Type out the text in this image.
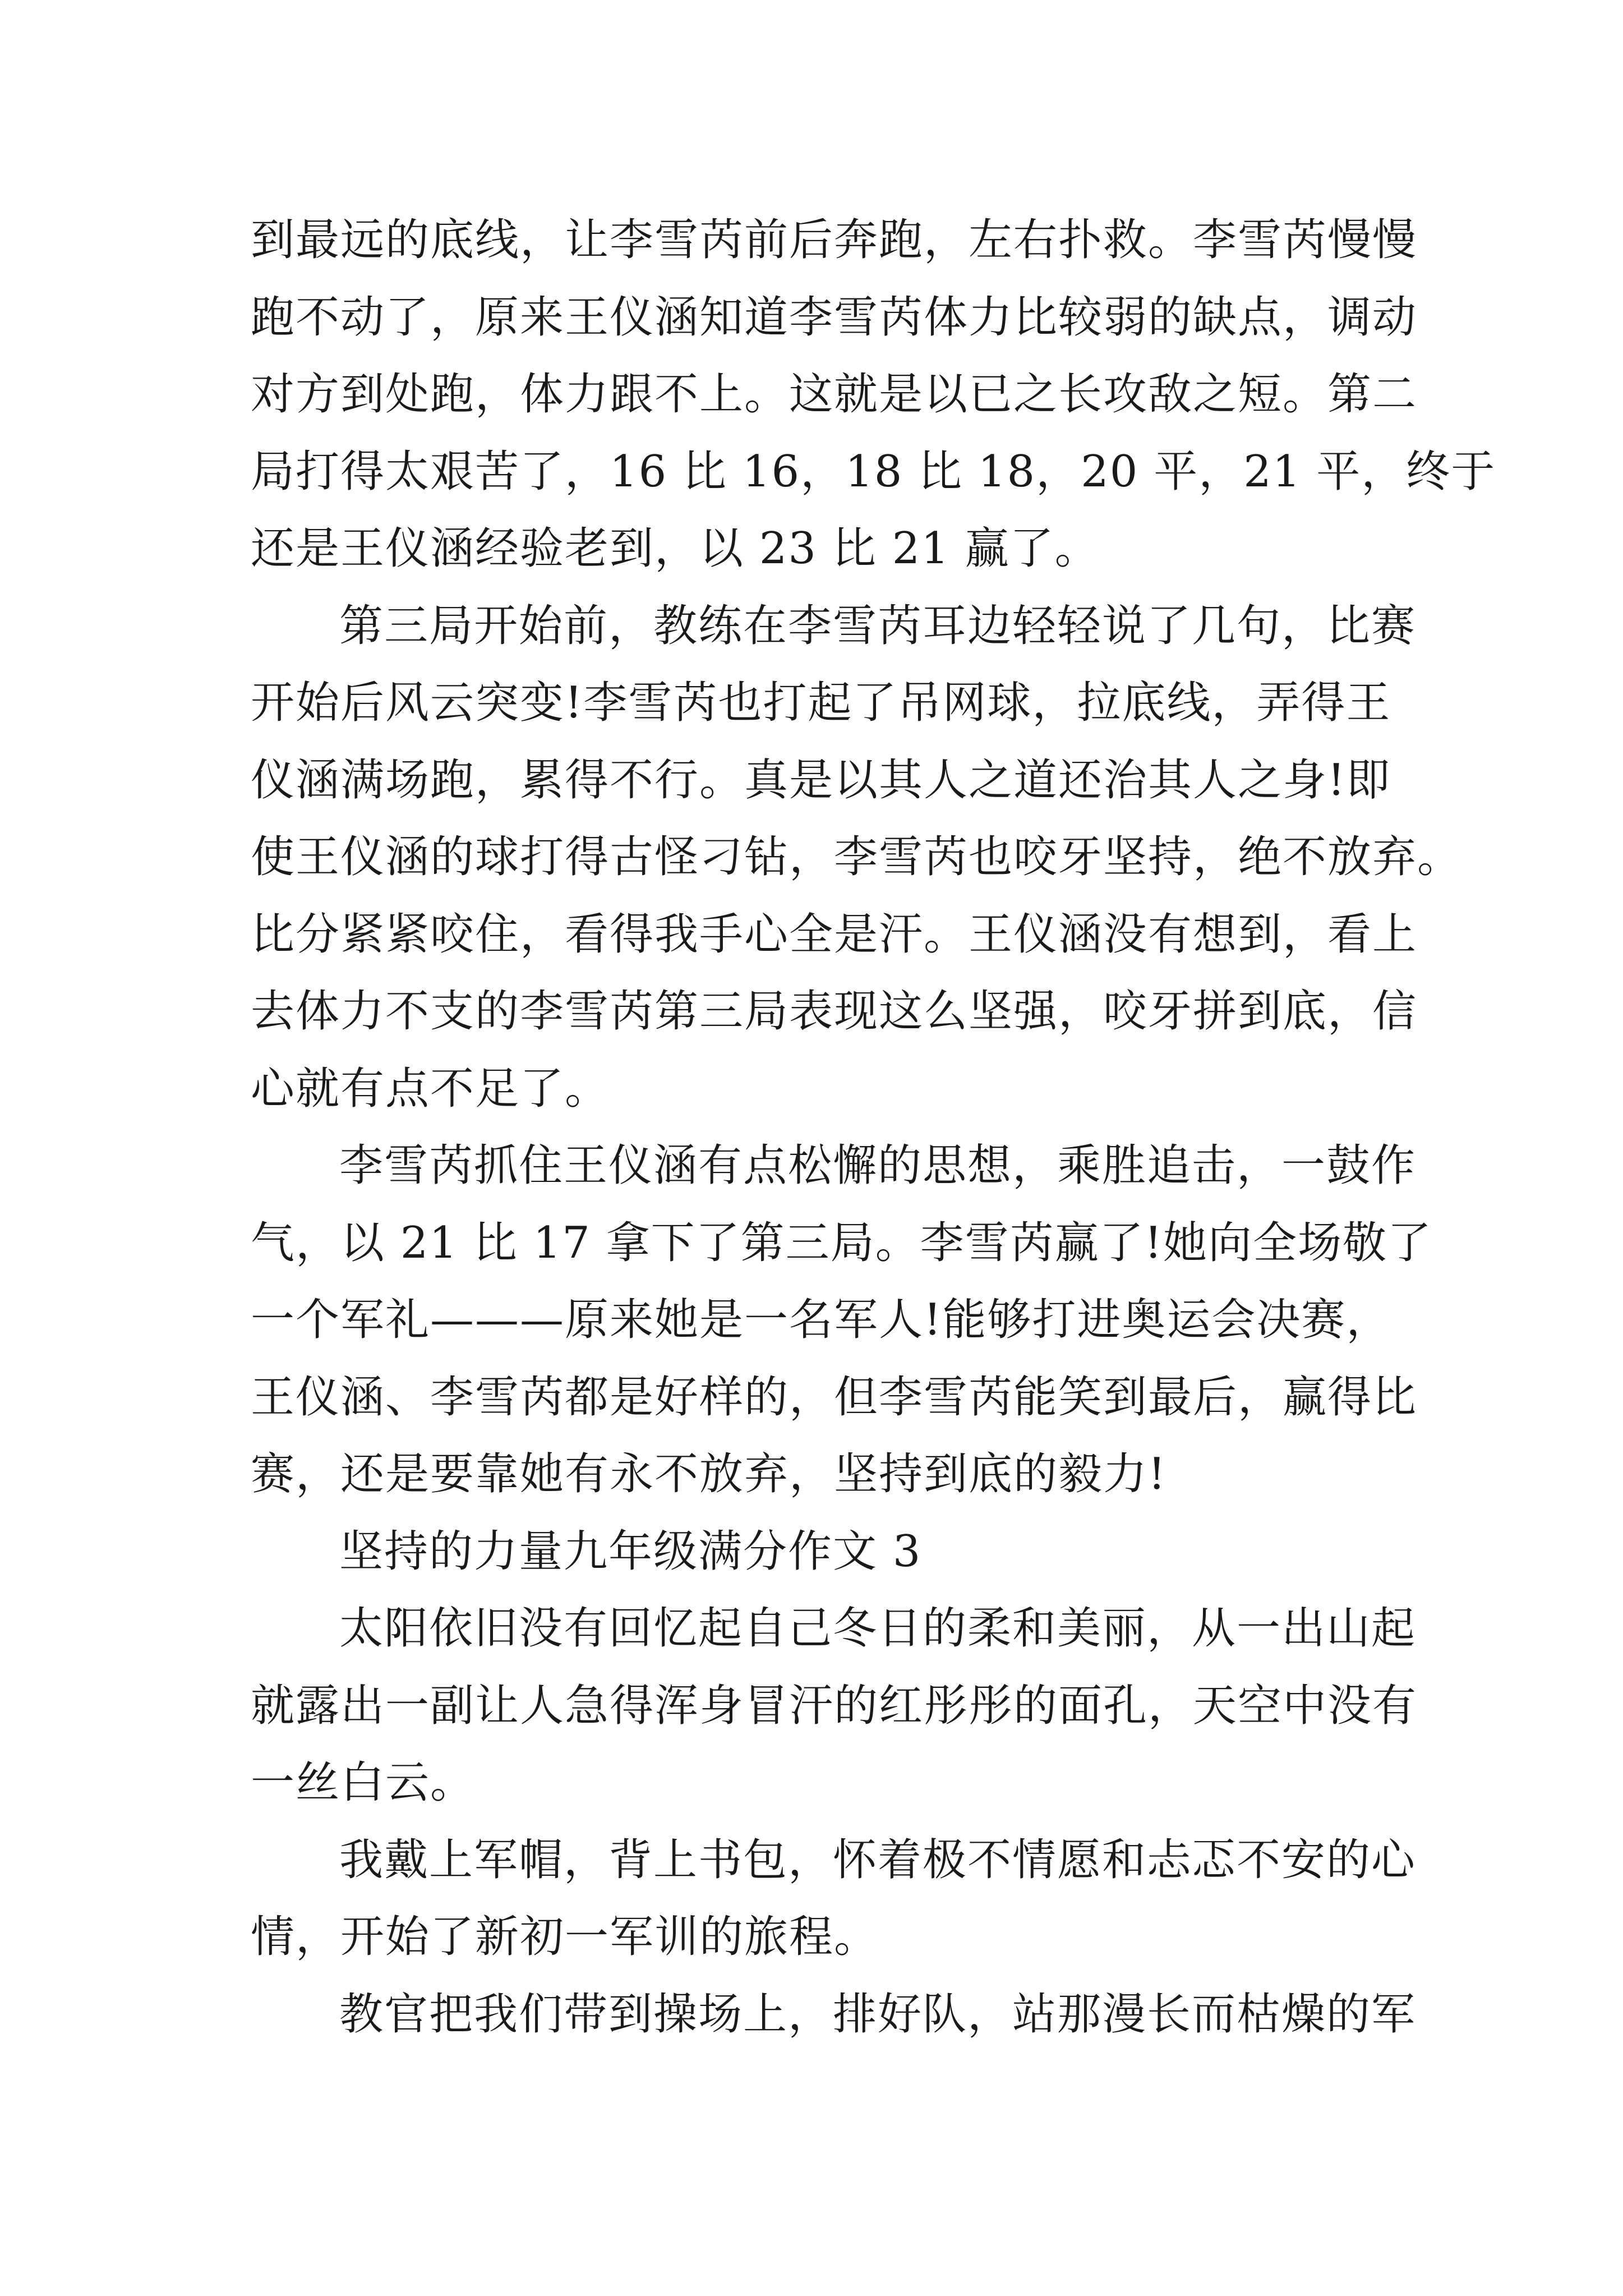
到最远的底线，让李雪芮前后奔跑，左右扑救。李雪芮慢慢
跑不动了，原来王仪涵知道李雪芮体力比较弱的缺点，调动
对方到处跑，体力跟不上。这就是以已之长攻敌之短。第二
局打得太艰苦了，16 比 16，18 比 18，20 平，21 平，终于
还是王仪涵经验老到，以 23 比 21 赢了。
第三局开始前，教练在李雪芮耳边轻轻说了几句，比赛
开始后风云突变!李雪芮也打起了吊网球，拉底线，弄得王
仪涵满场跑，累得不行。真是以其人之道还治其人之身!即
使王仪涵的球打得古怪刁钻，李雪芮也咬牙坚持，绝不放弃。
比分紧紧咬住，看得我手心全是汗。王仪涵没有想到，看上
去体力不支的李雪芮第三局表现这么坚强，咬牙拼到底，信
心就有点不足了。
李雪芮抓住王仪涵有点松懈的思想，乘胜追击，一鼓作
气，以 21 比 17 拿下了第三局。李雪芮赢了!她向全场敬了
一个军礼———原来她是一名军人!能够打进奥运会决赛，
王仪涵、李雪芮都是好样的，但李雪芮能笑到最后，赢得比
赛，还是要靠她有永不放弃，坚持到底的毅力!
坚持的力量九年级满分作文 3
太阳依旧没有回忆起自己冬日的柔和美丽，从一出山起
就露出一副让人急得浑身冒汗的红彤彤的面孔，天空中没有
一丝白云。
我戴上军帽，背上书包，怀着极不情愿和忐忑不安的心
情，开始了新初一军训的旅程。
教官把我们带到操场上，排好队，站那漫长而枯燥的军
